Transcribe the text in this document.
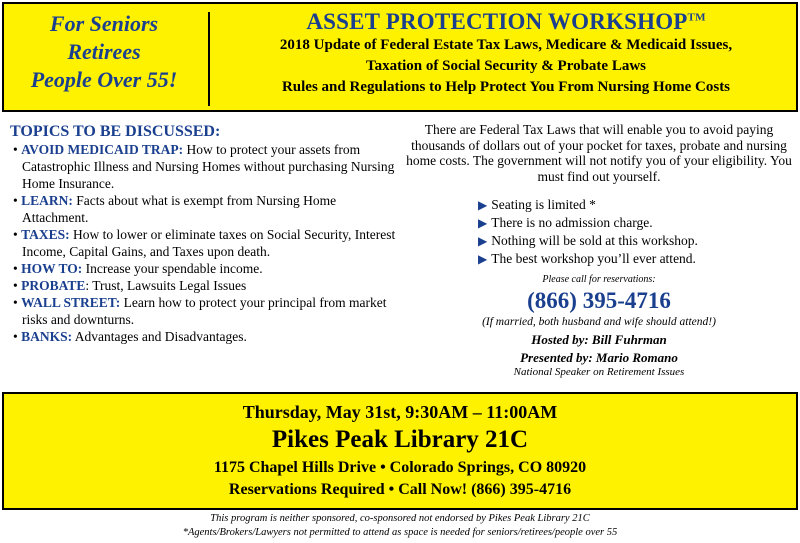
For Seniors
Retirees
People Over 55!
ASSET PROTECTION WORKSHOP™
2018 Update of Federal Estate Tax Laws, Medicare & Medicaid Issues,
Taxation of Social Security & Probate Laws
Rules and Regulations to Help Protect You From Nursing Home Costs
TOPICS TO BE DISCUSSED:
• AVOID MEDICAID TRAP: How to protect your assets from Catastrophic Illness and Nursing Homes without purchasing Nursing Home Insurance.
• LEARN: Facts about what is exempt from Nursing Home Attachment.
• TAXES: How to lower or eliminate taxes on Social Security, Interest Income, Capital Gains, and Taxes upon death.
• HOW TO: Increase your spendable income.
• PROBATE: Trust, Lawsuits Legal Issues
• WALL STREET: Learn how to protect your principal from market risks and downturns.
• BANKS: Advantages and Disadvantages.
There are Federal Tax Laws that will enable you to avoid paying thousands of dollars out of your pocket for taxes, probate and nursing home costs. The government will not notify you of your eligibility. You must find out yourself.
▶ Seating is limited *
▶ There is no admission charge.
▶ Nothing will be sold at this workshop.
▶ The best workshop you’ll ever attend.
Please call for reservations:
(866) 395-4716
(If married, both husband and wife should attend!)
Hosted by: Bill Fuhrman
Presented by: Mario Romano
National Speaker on Retirement Issues
Thursday, May 31st, 9:30AM – 11:00AM
Pikes Peak Library 21C
1175 Chapel Hills Drive • Colorado Springs, CO 80920
Reservations Required • Call Now! (866) 395-4716
This program is neither sponsored, co-sponsored not endorsed by Pikes Peak Library 21C
*Agents/Brokers/Lawyers not permitted to attend as space is needed for seniors/retirees/people over 55
